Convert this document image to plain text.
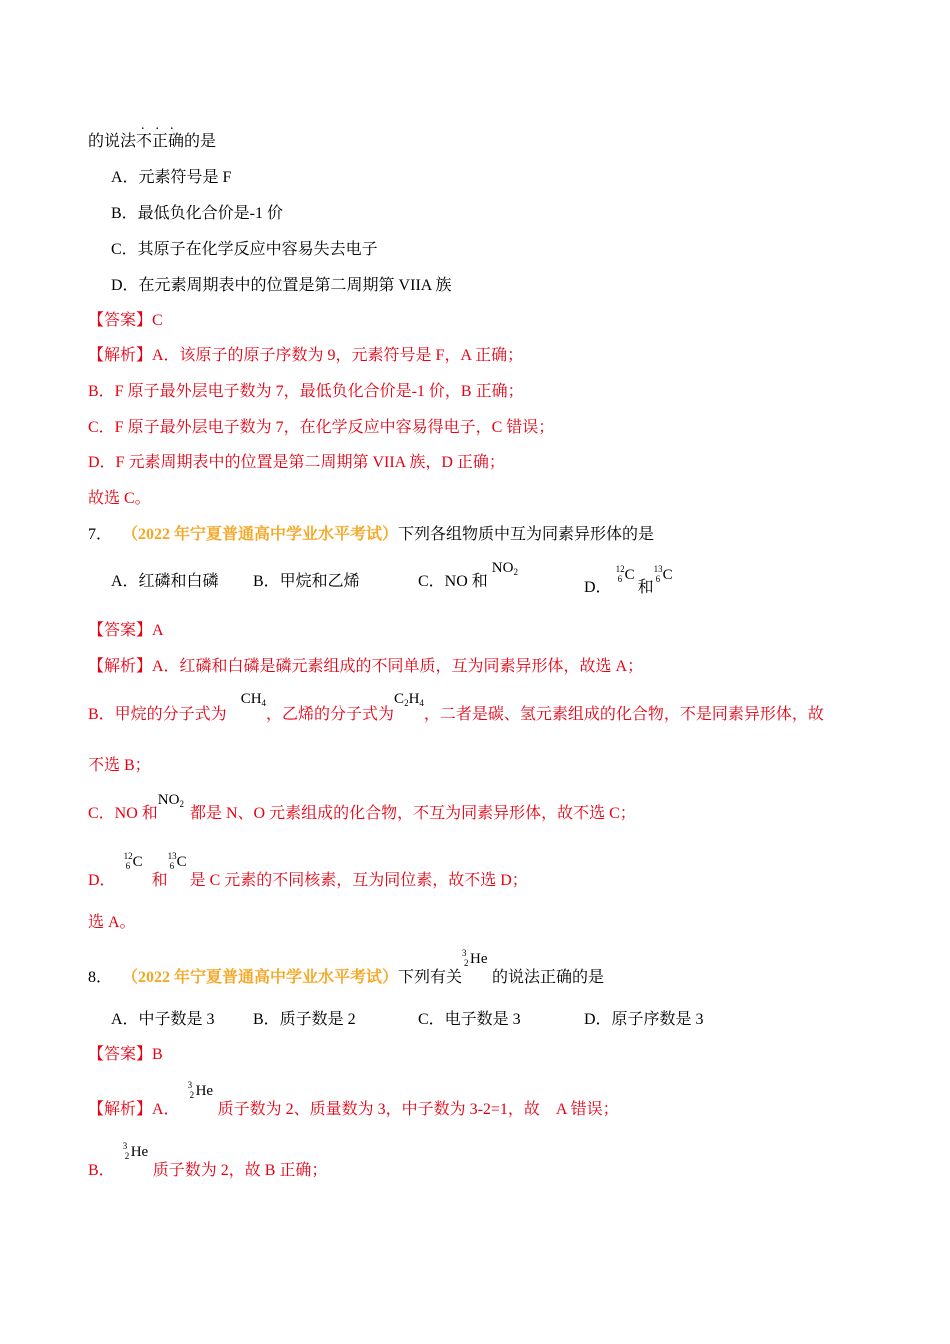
...
的说法不正确的是
A．元素符号是 F
B．最低负化合价是-1 价
C．其原子在化学反应中容易失去电子
D．在元素周期表中的位置是第二周期第 VIIA 族
【答案】C
【解析】A．该原子的原子序数为 9，元素符号是 F，A 正确；
B．F 原子最外层电子数为 7，最低负化合价是-1 价，B 正确；
C．F 原子最外层电子数为 7，在化学反应中容易得电子，C 错误；
D．F 元素周期表中的位置是第二周期第 VIIA 族，D 正确；
故选 C。
7． （2022 年宁夏普通高中学业水平考试）下列各组物质中互为同素异形体的是
A．红磷和白磷 B．甲烷和乙烯	C．NO 和 $NO_2$
D．
12
6 C
和
13
6 C
【答案】A
【解析】A．红磷和白磷是磷元素组成的不同单质，互为同素异形体，故选 A；
B．甲烷的分子式为$CH_4$，乙烯的分子式为$C_2H_4$，二者是碳、氢元素组成的化合物，不是同素异形体，故
不选 B；
C．NO 和$NO_2$都是 N、O 元素组成的化合物，不互为同素异形体，故不选 C；
D．
12
6 C
和
13
6 C
是 C 元素的不同核素，互为同位素，故不选 D；
选 A。
8． （2022 年宁夏普通高中学业水平考试）下列有关
3
2 He
的说法正确的是
A．中子数是 3 B．质子数是 2	C．电子数是 3	D．原子序数是 3
【答案】B
【解析】A．
3
2 He
质子数为 2、质量数为 3，中子数为 3-2=1，故 A 错误；
B．
3
2 He
质子数为 2，故 B 正确；
